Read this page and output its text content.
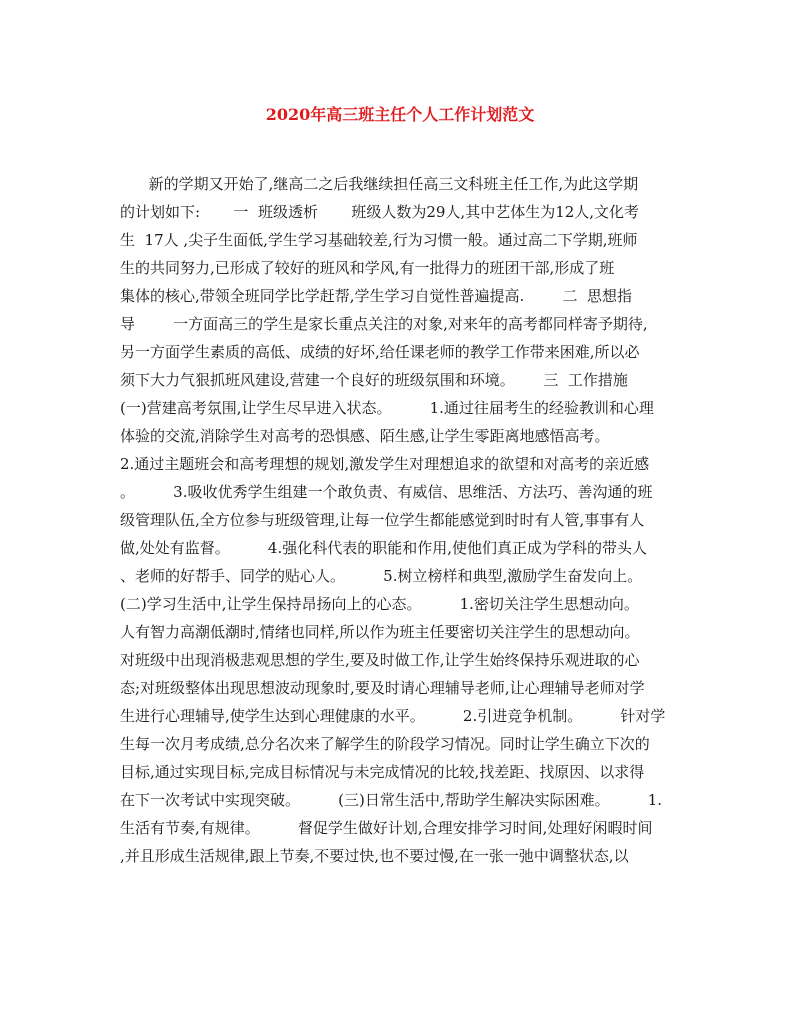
2020年高三班主任个人工作计划范文
新的学期又开始了,继高二之后我继续担任高三文科班主任工作,为此这学期
的计划如下:       一  班级透析       班级人数为29人,其中艺体生为12人,文化考
生  17人 ,尖子生面低,学生学习基础较差,行为习惯一般。通过高二下学期,班师
生的共同努力,已形成了较好的班风和学风,有一批得力的班团干部,形成了班
集体的核心,带领全班同学比学赶帮,学生学习自觉性普遍提高.        二  思想指
导        一方面高三的学生是家长重点关注的对象,对来年的高考都同样寄予期待,
另一方面学生素质的高低、成绩的好坏,给任课老师的教学工作带来困难,所以必
须下大力气狠抓班风建设,营建一个良好的班级氛围和环境。      三  工作措施
(一)营建高考氛围,让学生尽早进入状态。        1.通过往届考生的经验教训和心理
体验的交流,消除学生对高考的恐惧感、陌生感,让学生零距离地感悟高考。
2.通过主题班会和高考理想的规划,激发学生对理想追求的欲望和对高考的亲近感
。        3.吸收优秀学生组建一个敢负责、有威信、思维活、方法巧、善沟通的班
级管理队伍,全方位参与班级管理,让每一位学生都能感觉到时时有人管,事事有人
做,处处有监督。        4.强化科代表的职能和作用,使他们真正成为学科的带头人
、老师的好帮手、同学的贴心人。        5.树立榜样和典型,激励学生奋发向上。
(二)学习生活中,让学生保持昂扬向上的心态。        1.密切关注学生思想动向。
人有智力高潮低潮时,情绪也同样,所以作为班主任要密切关注学生的思想动向。
对班级中出现消极悲观思想的学生,要及时做工作,让学生始终保持乐观进取的心
态;对班级整体出现思想波动现象时,要及时请心理辅导老师,让心理辅导老师对学
生进行心理辅导,使学生达到心理健康的水平。        2.引进竞争机制。        针对学
生每一次月考成绩,总分名次来了解学生的阶段学习情况。同时让学生确立下次的
目标,通过实现目标,完成目标情况与未完成情况的比较,找差距、找原因、以求得
在下一次考试中实现突破。        (三)日常生活中,帮助学生解决实际困难。        1.
生活有节奏,有规律。        督促学生做好计划,合理安排学习时间,处理好闲暇时间
,并且形成生活规律,跟上节奏,不要过快,也不要过慢,在一张一弛中调整状态,以
